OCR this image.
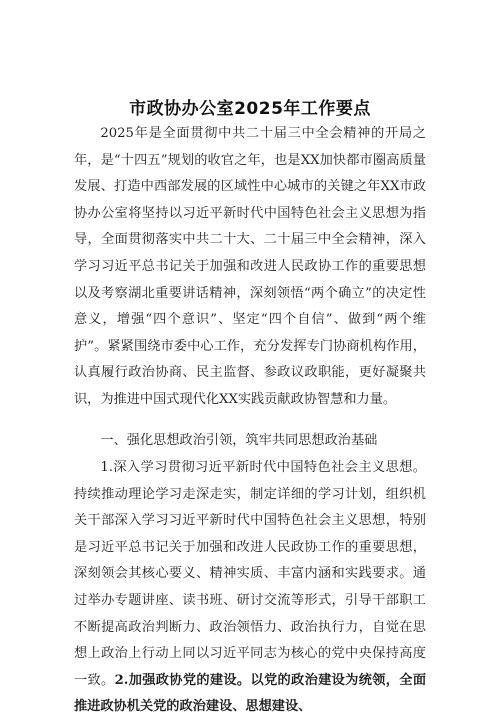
市政协办公室2025年工作要点
2025年是全面贯彻中共二十届三中全会精神的开局之年，是“十四五”规划的收官之年，也是XX加快都市圈高质量发展、打造中西部发展的区域性中心城市的关键之年XX市政协办公室将坚持以习近平新时代中国特色社会主义思想为指导，全面贯彻落实中共二十大、二十届三中全会精神，深入学习习近平总书记关于加强和改进人民政协工作的重要思想以及考察湖北重要讲话精神，深刻领悟“两个确立”的决定性意义，增强“四个意识”、坚定“四个自信”、做到“两个维护”。紧紧围绕市委中心工作，充分发挥专门协商机构作用，认真履行政治协商、民主监督、参政议政职能，更好凝聚共识，为推进中国式现代化XX实践贡献政协智慧和力量。
一、强化思想政治引领，筑牢共同思想政治基础
1.深入学习贯彻习近平新时代中国特色社会主义思想。持续推动理论学习走深走实，制定详细的学习计划，组织机关干部深入学习习近平新时代中国特色社会主义思想，特别是习近平总书记关于加强和改进人民政协工作的重要思想，深刻领会其核心要义、精神实质、丰富内涵和实践要求。通过举办专题讲座、读书班、研讨交流等形式，引导干部职工不断提高政治判断力、政治领悟力、政治执行力，自觉在思想上政治上行动上同以习近平同志为核心的党中央保持高度一致。2.加强政协党的建设。以党的政治建设为统领，全面推进政协机关党的政治建设、思想建设、
